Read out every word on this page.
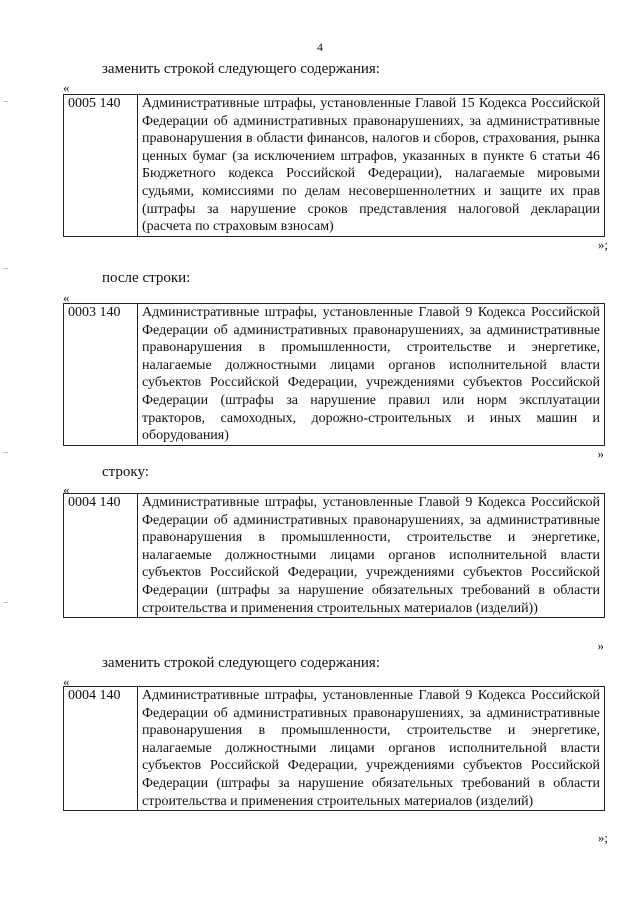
4
заменить строкой следующего содержания:
«
0005 140	Административные штрафы, установленные Главой 15 Кодекса Российской Федерации об административных правонарушениях, за административные правонарушения в области финансов, налогов и сборов, страхования, рынка ценных бумаг (за исключением штрафов, указанных в пункте 6 статьи 46 Бюджетного кодекса Российской Федерации), налагаемые мировыми судьями, комиссиями по делам несовершеннолетних и защите их прав (штрафы за нарушение сроков представления налоговой декларации (расчета по страховым взносам)
»;
после строки:
«
0003 140	Административные штрафы, установленные Главой 9 Кодекса Российской Федерации об административных правонарушениях, за административные правонарушения в промышленности, строительстве и энергетике, налагаемые должностными лицами органов исполнительной власти субъектов Российской Федерации, учреждениями субъектов Российской Федерации (штрафы за нарушение правил или норм эксплуатации тракторов, самоходных, дорожно-строительных и иных машин и оборудования)
»
строку:
«
0004 140	Административные штрафы, установленные Главой 9 Кодекса Российской Федерации об административных правонарушениях, за административные правонарушения в промышленности, строительстве и энергетике, налагаемые должностными лицами органов исполнительной власти субъектов Российской Федерации, учреждениями субъектов Российской Федерации (штрафы за нарушение обязательных требований в области строительства и применения строительных материалов (изделий))
»
заменить строкой следующего содержания:
«
0004 140	Административные штрафы, установленные Главой 9 Кодекса Российской Федерации об административных правонарушениях, за административные правонарушения в промышленности, строительстве и энергетике, налагаемые должностными лицами органов исполнительной власти субъектов Российской Федерации, учреждениями субъектов Российской Федерации (штрафы за нарушение обязательных требований в области строительства и применения строительных материалов (изделий)
»;
